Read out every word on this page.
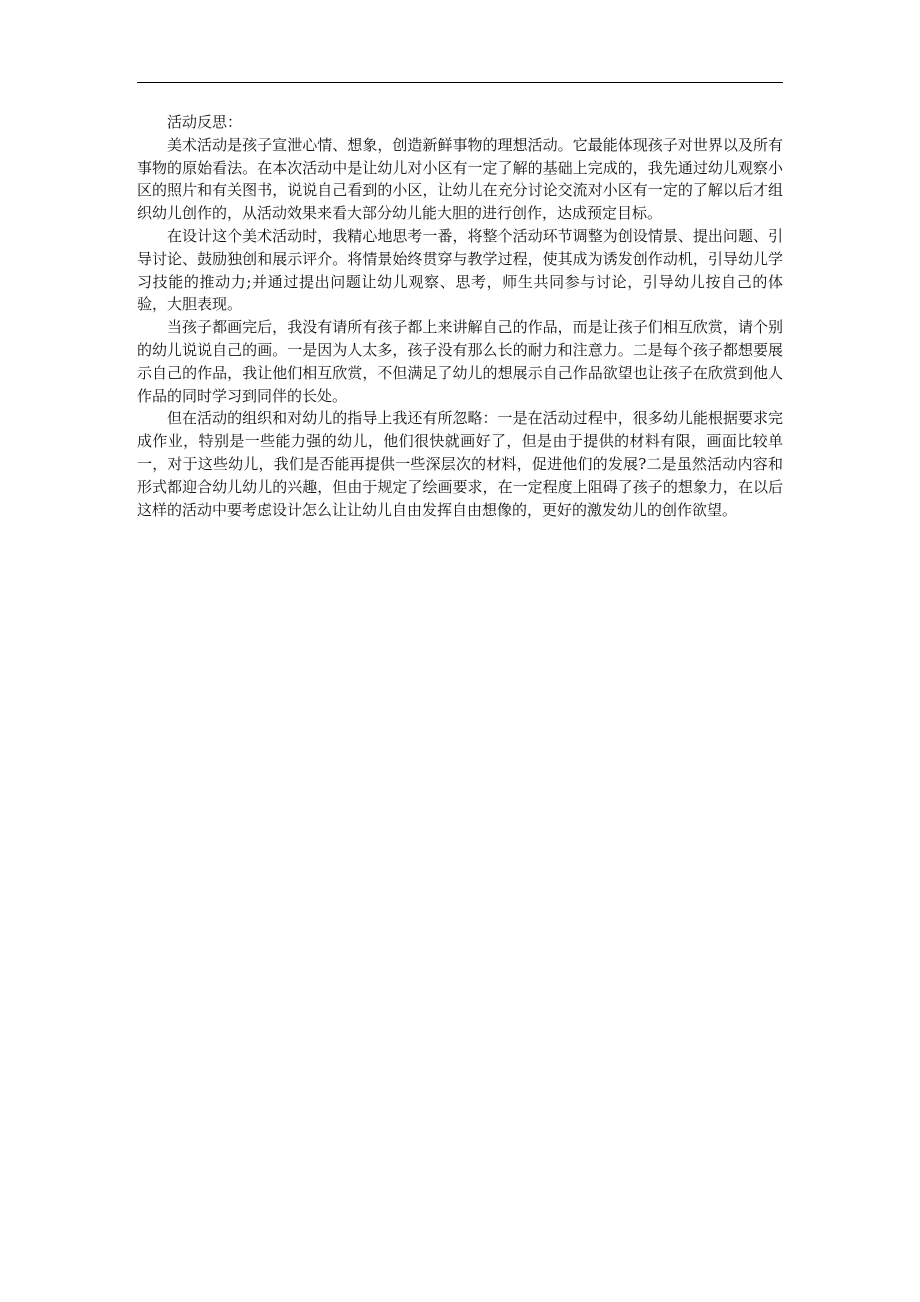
活动反思：

美术活动是孩子宣泄心情、想象，创造新鲜事物的理想活动。它最能体现孩子对世界以及所有事物的原始看法。在本次活动中是让幼儿对小区有一定了解的基础上完成的，我先通过幼儿观察小区的照片和有关图书，说说自己看到的小区，让幼儿在充分讨论交流对小区有一定的了解以后才组织幼儿创作的，从活动效果来看大部分幼儿能大胆的进行创作，达成预定目标。

在设计这个美术活动时，我精心地思考一番，将整个活动环节调整为创设情景、提出问题、引导讨论、鼓励独创和展示评介。将情景始终贯穿与教学过程，使其成为诱发创作动机，引导幼儿学习技能的推动力;并通过提出问题让幼儿观察、思考，师生共同参与讨论，引导幼儿按自己的体验，大胆表现。

当孩子都画完后，我没有请所有孩子都上来讲解自己的作品，而是让孩子们相互欣赏，请个别的幼儿说说自己的画。一是因为人太多，孩子没有那么长的耐力和注意力。二是每个孩子都想要展示自己的作品，我让他们相互欣赏，不但满足了幼儿的想展示自己作品欲望也让孩子在欣赏到他人作品的同时学习到同伴的长处。

但在活动的组织和对幼儿的指导上我还有所忽略：一是在活动过程中，很多幼儿能根据要求完成作业，特别是一些能力强的幼儿，他们很快就画好了，但是由于提供的材料有限，画面比较单一，对于这些幼儿，我们是否能再提供一些深层次的材料，促进他们的发展?二是虽然活动内容和形式都迎合幼儿幼儿的兴趣，但由于规定了绘画要求，在一定程度上阻碍了孩子的想象力，在以后这样的活动中要考虑设计怎么让让幼儿自由发挥自由想像的，更好的激发幼儿的创作欲望。
